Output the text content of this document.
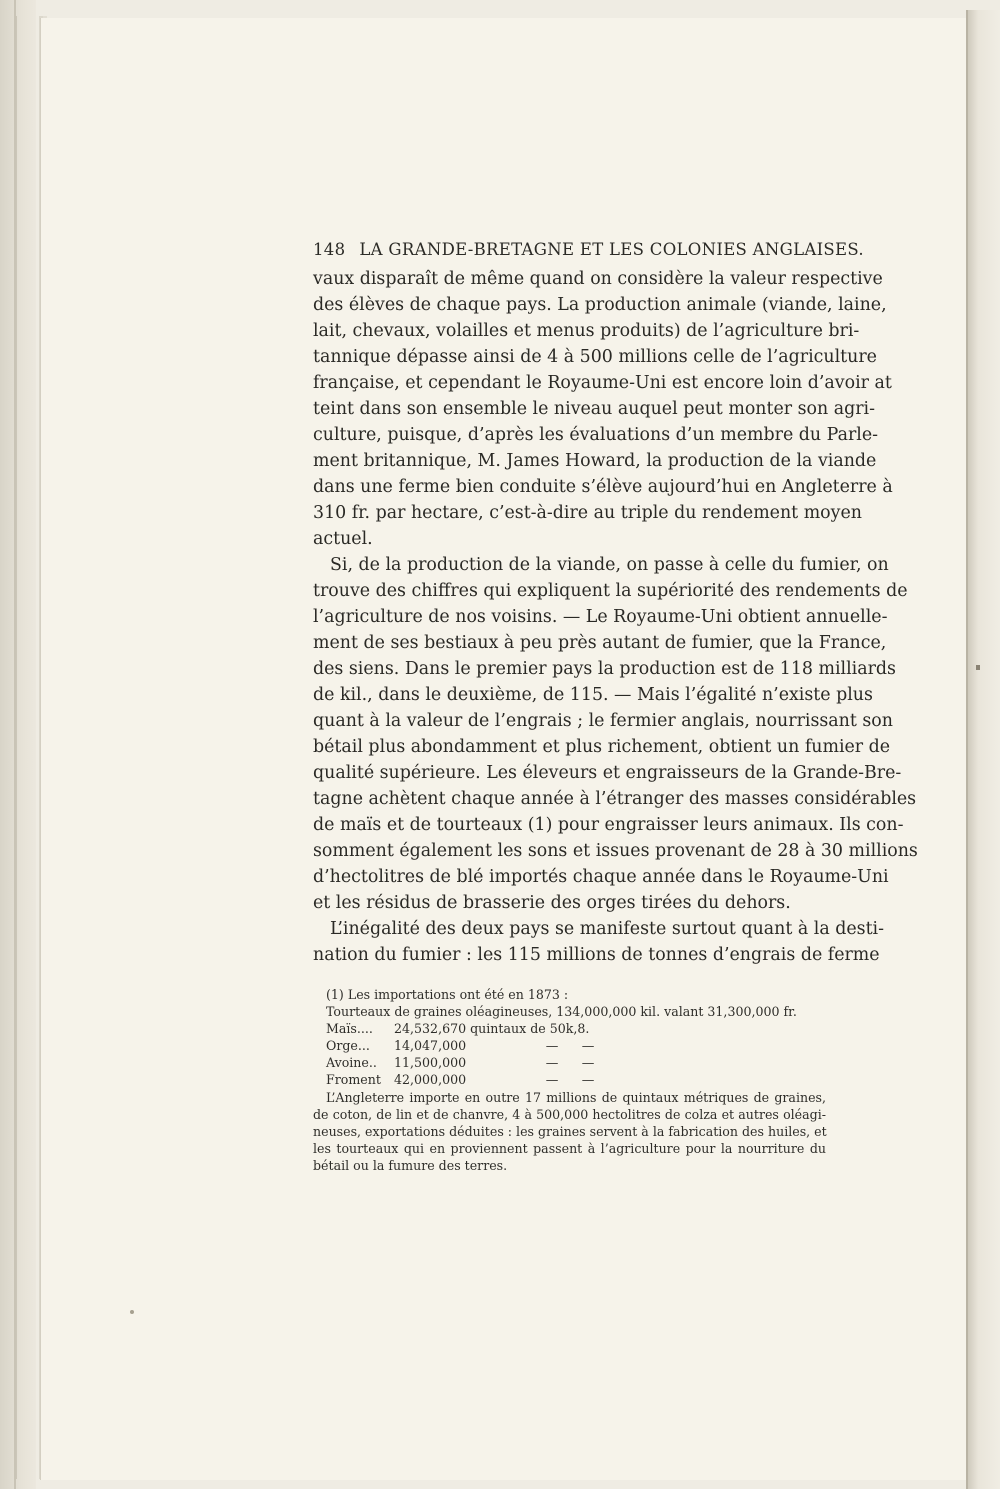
148 LA GRANDE-BRETAGNE ET LES COLONIES ANGLAISES.
vaux disparaît de même quand on considère la valeur respective
des élèves de chaque pays. La production animale (viande, laine,
lait, chevaux, volailles et menus produits) de l’agriculture bri-
tannique dépasse ainsi de 4 à 500 millions celle de l’agriculture
française, et cependant le Royaume-Uni est encore loin d’avoir at
teint dans son ensemble le niveau auquel peut monter son agri-
culture, puisque, d’après les évaluations d’un membre du Parle-
ment britannique, M. James Howard, la production de la viande
dans une ferme bien conduite s’élève aujourd’hui en Angleterre à
310 fr. par hectare, c’est-à-dire au triple du rendement moyen
actuel.
Si, de la production de la viande, on passe à celle du fumier, on
trouve des chiffres qui expliquent la supériorité des rendements de
l’agriculture de nos voisins. — Le Royaume-Uni obtient annuelle-
ment de ses bestiaux à peu près autant de fumier, que la France,
des siens. Dans le premier pays la production est de 118 milliards
de kil., dans le deuxième, de 115. — Mais l’égalité n’existe plus
quant à la valeur de l’engrais ; le fermier anglais, nourrissant son
bétail plus abondamment et plus richement, obtient un fumier de
qualité supérieure. Les éleveurs et engraisseurs de la Grande-Bre-
tagne achètent chaque année à l’étranger des masses considérables
de maïs et de tourteaux (1) pour engraisser leurs animaux. Ils con-
somment également les sons et issues provenant de 28 à 30 millions
d’hectolitres de blé importés chaque année dans le Royaume-Uni
et les résidus de brasserie des orges tirées du dehors.
L’inégalité des deux pays se manifeste surtout quant à la desti-
nation du fumier : les 115 millions de tonnes d’engrais de ferme
(1) Les importations ont été en 1873 :
Tourteaux de graines oléagineuses, 134,000,000 kil. valant 31,300,000 fr.
Maïs.... 24,532,670 quintaux de 50k,8.
Orge... 14,047,000	— —
Avoine.. 11,500,000	— —
Froment 42,000,000	— —
L’Angleterre importe en outre 17 millions de quintaux métriques de graines,
de coton, de lin et de chanvre, 4 à 500,000 hectolitres de colza et autres oléagi-
neuses, exportations déduites : les graines servent à la fabrication des huiles, et
les tourteaux qui en proviennent passent à l’agriculture pour la nourriture du
bétail ou la fumure des terres.
